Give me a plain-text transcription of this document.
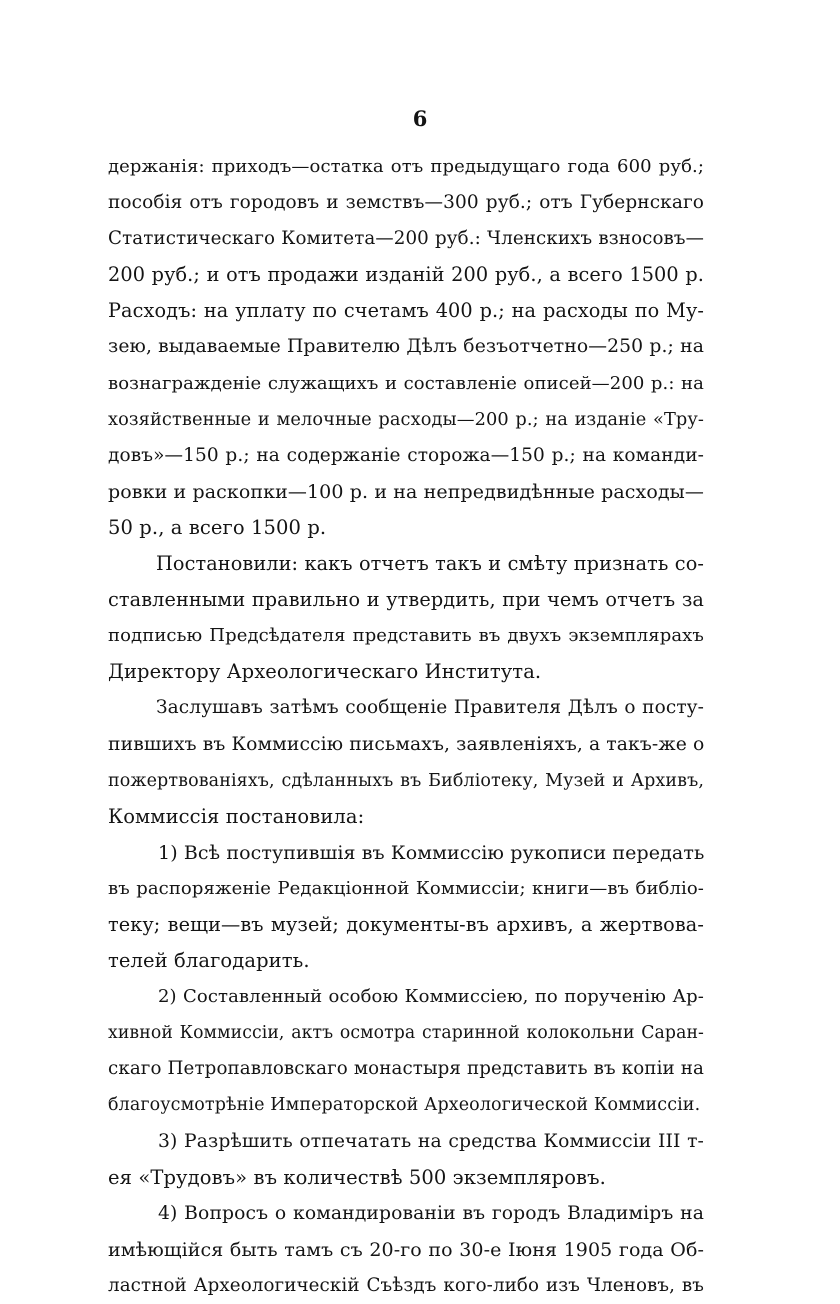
6
держанія: приходъ—остатка отъ предыдущаго года 600 руб.;
пособія отъ городовъ и земствъ—300 руб.; отъ Губернскаго
Статистическаго Комитета—200 руб.: Членскихъ взносовъ—
200 руб.; и отъ продажи изданій 200 руб., а всего 1500 р.
Расходъ: на уплату по счетамъ 400 р.; на расходы по Му-
зею, выдаваемые Правителю Дѣлъ безъотчетно—250 р.; на
вознагражденіе служащихъ и составленіе описей—200 р.: на
хозяйственные и мелочные расходы—200 р.; на изданіе «Тру-
довъ»—150 р.; на содержаніе сторожа—150 р.; на команди-
ровки и раскопки—100 р. и на непредвидѣнные расходы—
50 р., а всего 1500 р.
Постановили: какъ отчетъ такъ и смѣту признать со-
ставленными правильно и утвердить, при чемъ отчетъ за
подписью Предсѣдателя представить въ двухъ экземплярахъ
Директору Археологическаго Института.
Заслушавъ затѣмъ сообщеніе Правителя Дѣлъ о посту-
пившихъ въ Коммиссію письмахъ, заявленіяхъ, а такъ-же о
пожертвованіяхъ, сдѣланныхъ въ Библіотеку, Музей и Архивъ,
Коммиссія постановила:
1) Всѣ поступившія въ Коммиссію рукописи передать
въ распоряженіе Редакціонной Коммиссіи; книги—въ библіо-
теку; вещи—въ музей; документы-въ архивъ, а жертвова-
телей благодарить.
2) Составленный особою Коммиссіею, по порученію Ар-
хивной Коммиссіи, актъ осмотра старинной колокольни Саран-
скаго Петропавловскаго монастыря представить въ копіи на
благоусмотрѣніе Императорской Археологической Коммиссіи.
3) Разрѣшить отпечатать на средства Коммиссіи III т-
ея «Трудовъ» въ количествѣ 500 экземпляровъ.
4) Вопросъ о командированіи въ городъ Владиміръ на
имѣющійся быть тамъ съ 20-го по 30-е Іюня 1905 года Об-
ластной Археологическій Съѣздъ кого-либо изъ Членовъ, въ
